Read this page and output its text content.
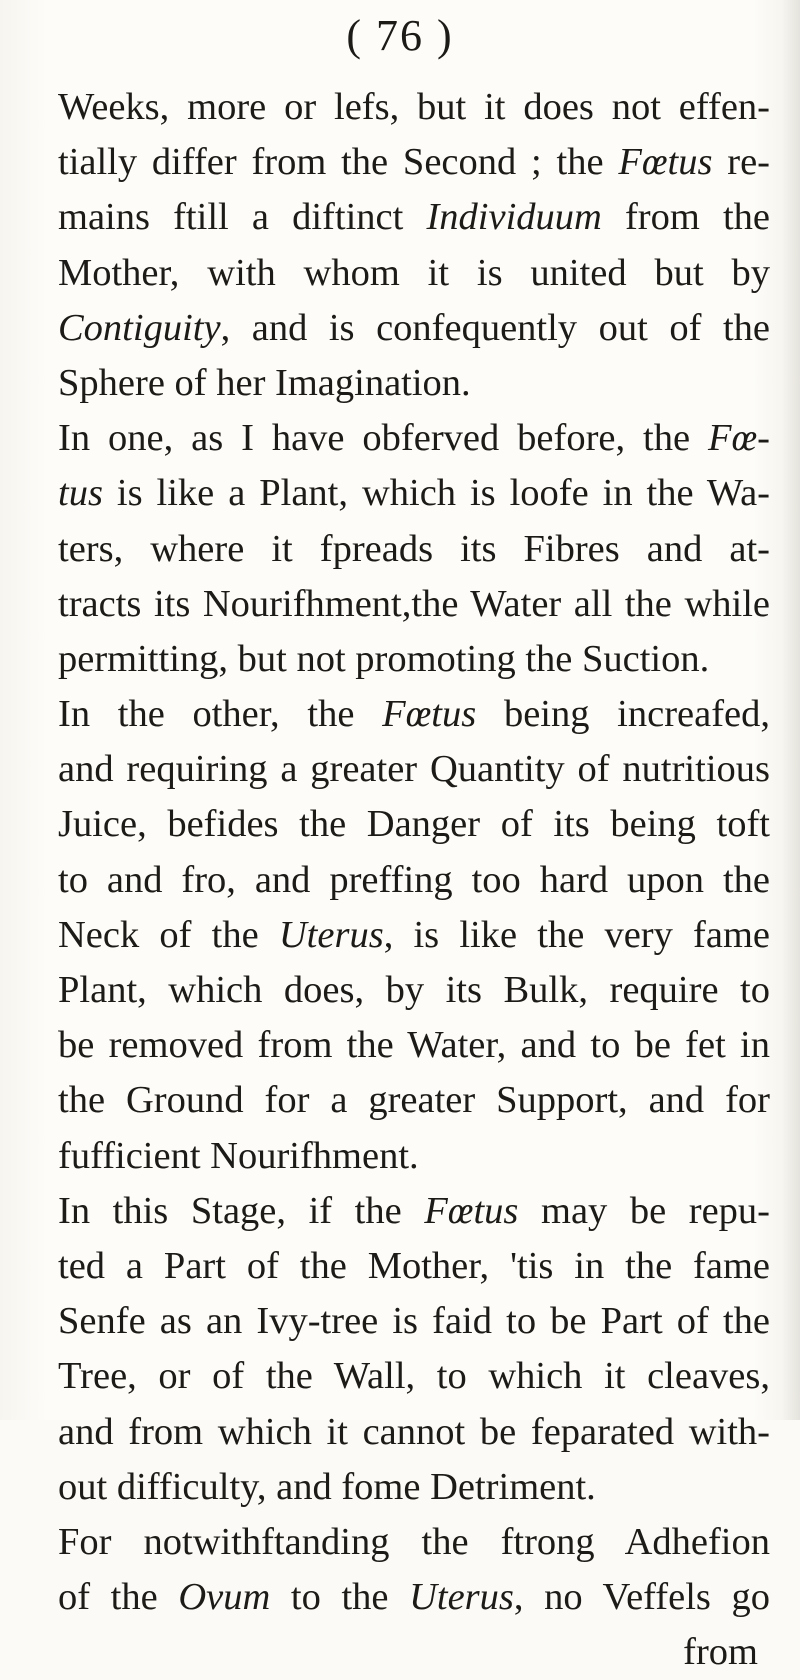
( 76 )
Weeks, more or lefs, but it does not effen-
tially differ from the Second ; the Fœtus re-
mains ftill a diftinct Individuum from the
Mother, with whom it is united but by
Contiguity, and is confequently out of the
Sphere of her Imagination.
In one, as I have obferved before, the Fœ-
tus is like a Plant, which is loofe in the Wa-
ters, where it fpreads its Fibres and at-
tracts its Nourifhment,the Water all the while
permitting, but not promoting the Suction.
In the other, the Fœtus being increafed,
and requiring a greater Quantity of nutritious
Juice, befides the Danger of its being toft
to and fro, and preffing too hard upon the
Neck of the Uterus, is like the very fame
Plant, which does, by its Bulk, require to
be removed from the Water, and to be fet in
the Ground for a greater Support, and for
fufficient Nourifhment.
In this Stage, if the Fœtus may be repu-
ted a Part of the Mother, 'tis in the fame
Senfe as an Ivy-tree is faid to be Part of the
Tree, or of the Wall, to which it cleaves,
and from which it cannot be feparated with-
out difficulty, and fome Detriment.
For notwithftanding the ftrong Adhefion
of the Ovum to the Uterus, no Veffels go
from
